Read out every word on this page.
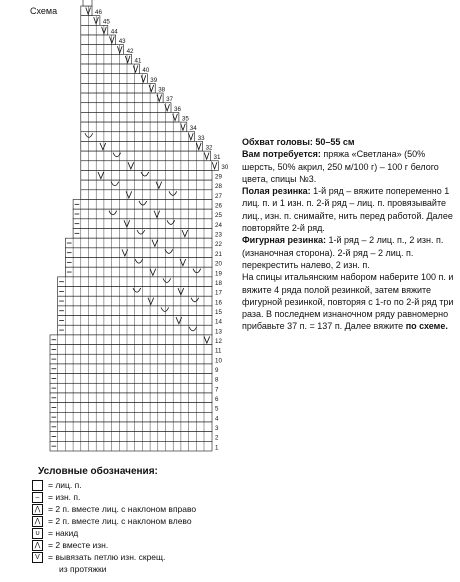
46
45
44
43
42
41
40
39
38
37
36
35
34
33
32
31
30
29
28
27
26
25
24
23
22
21
20
19
18
17
16
15
14
13
12
11
10
9
8
7
6
5
4
3
2
1
Схема

Обхват головы: 50–55 см

Вам потребуется: пряжа «Светлана» (50% шерсть, 50% акрил, 250 м/100 г) – 100 г белого цвета, спицы №3.

Полая резинка: 1-й ряд – вяжите попеременно 1 лиц. п. и 1 изн. п. 2-й ряд – лиц. п. провязывайте лиц., изн. п. снимайте, нить перед работой. Далее повторяйте 2-й ряд.

Фигурная резинка: 1-й ряд – 2 лиц. п., 2 изн. п. (изнаночная сторона). 2-й ряд – 2 лиц. п. перекрестить налево, 2 изн. п.

На спицы итальянским набором наберите 100 п. и вяжите 4 ряда полой резинкой, затем вяжите фигурной резинкой, повторяя с 1-го по 2-й ряд три раза. В последнем изнаночном ряду равномерно прибавьте 37 п. = 137 п. Далее вяжите по схеме.

Условные обозначения:
= лиц. п.
–	= изн. п.
⋀ = 2 п. вместе лиц. с наклоном вправо
⋀ = 2 п. вместе лиц. с наклоном влево
∪ = накид
⋀ = 2 вместе изн.
V = вывязать петлю изн. скрещ.
из протяжки
